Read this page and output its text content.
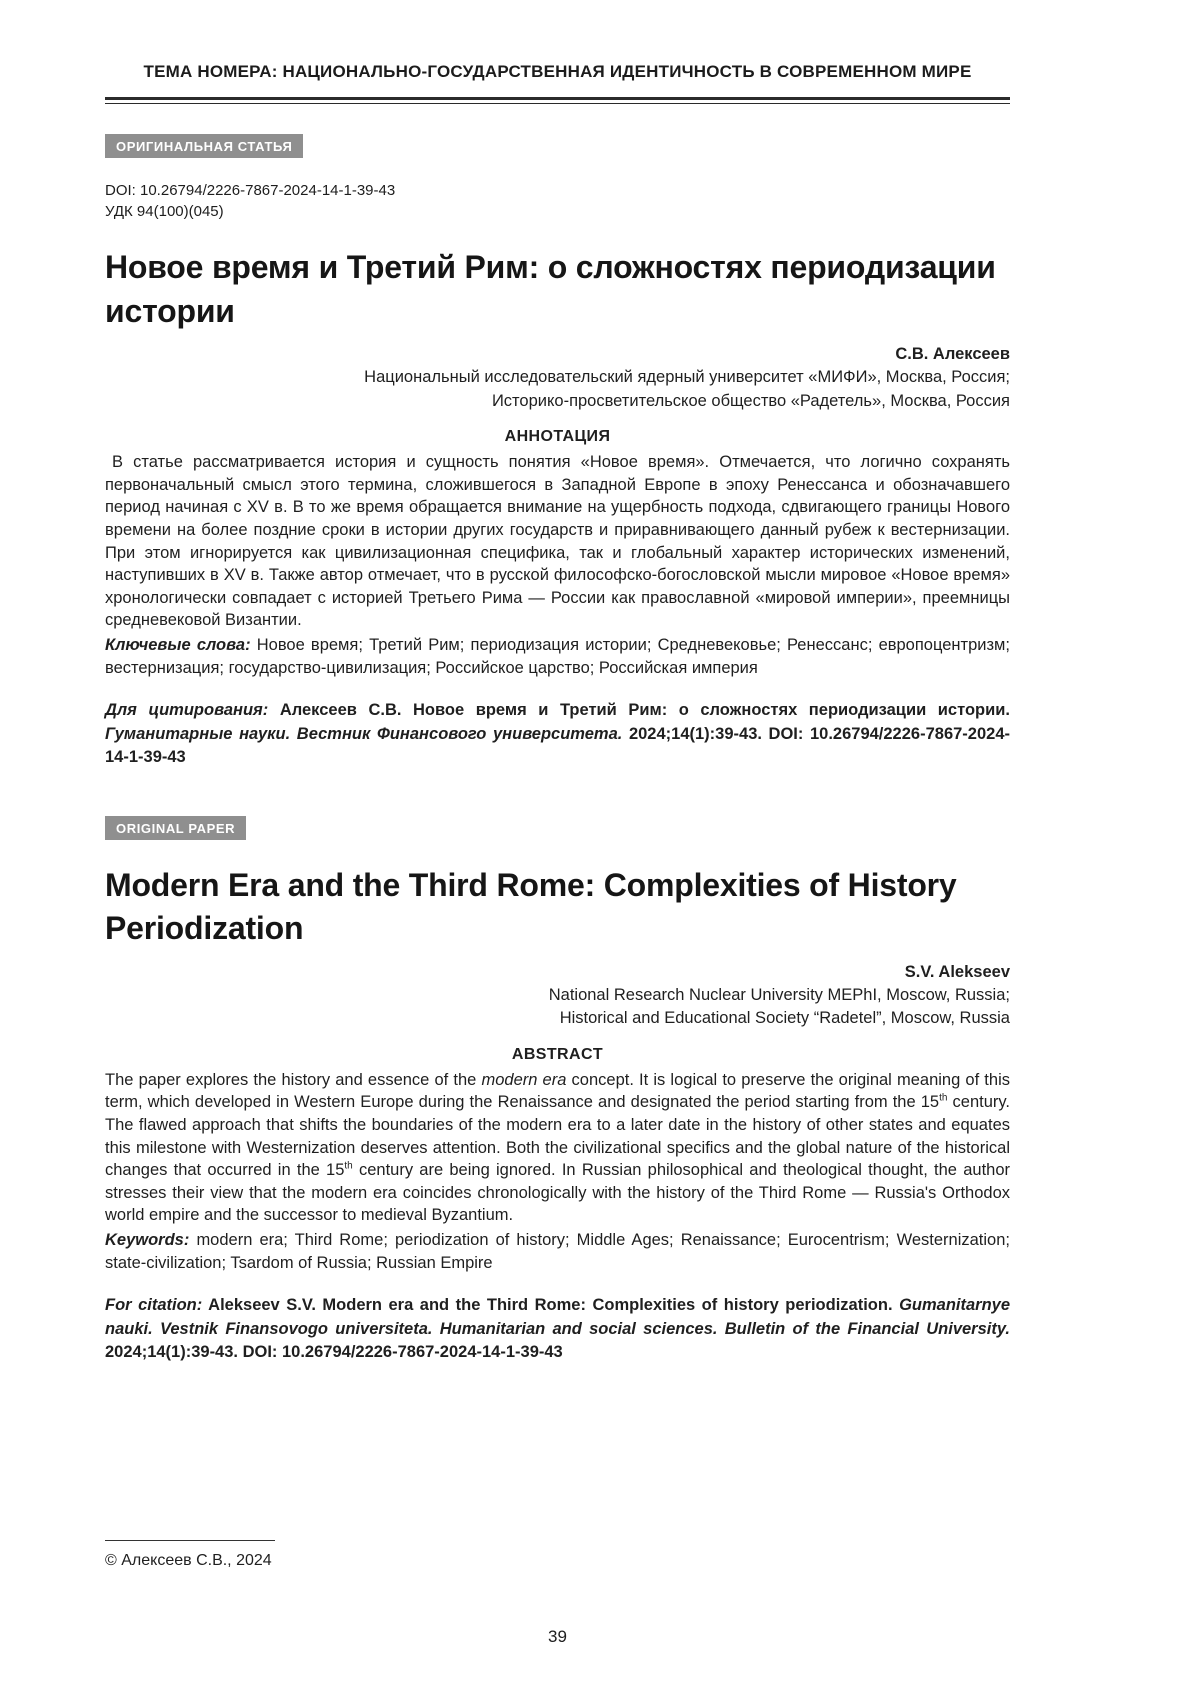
ТЕМА НОМЕРА: НАЦИОНАЛЬНО-ГОСУДАРСТВЕННАЯ ИДЕНТИЧНОСТЬ В СОВРЕМЕННОМ МИРЕ
ОРИГИНАЛЬНАЯ СТАТЬЯ
DOI: 10.26794/2226-7867-2024-14-1-39-43
УДК 94(100)(045)
Новое время и Третий Рим: о сложностях периодизации истории
С.В. Алексеев
Национальный исследовательский ядерный университет «МИФИ», Москва, Россия;
Историко-просветительское общество «Радетель», Москва, Россия
АННОТАЦИЯ

В статье рассматривается история и сущность понятия «Новое время». Отмечается, что логично сохранять первоначальный смысл этого термина, сложившегося в Западной Европе в эпоху Ренессанса и обозначавшего период начиная с XV в. В то же время обращается внимание на ущербность подхода, сдвигающего границы Нового времени на более поздние сроки в истории других государств и приравнивающего данный рубеж к вестернизации. При этом игнорируется как цивилизационная специфика, так и глобальный характер исторических изменений, наступивших в XV в. Также автор отмечает, что в русской философско-богословской мысли мировое «Новое время» хронологически совпадает с историей Третьего Рима — России как православной «мировой империи», преемницы средневековой Византии.

Ключевые слова: Новое время; Третий Рим; периодизация истории; Средневековье; Ренессанс; европоцентризм; вестернизация; государство-цивилизация; Российское царство; Российская империя

Для цитирования: Алексеев С.В. Новое время и Третий Рим: о сложностях периодизации истории. Гуманитарные науки. Вестник Финансового университета. 2024;14(1):39-43. DOI: 10.26794/2226-7867-2024-14-1-39-43

ORIGINAL PAPER
Modern Era and the Third Rome: Complexities of History Periodization
S.V. Alekseev
National Research Nuclear University MEPhI, Moscow, Russia;
Historical and Educational Society “Radetel”, Moscow, Russia
ABSTRACT

The paper explores the history and essence of the modern era concept. It is logical to preserve the original meaning of this term, which developed in Western Europe during the Renaissance and designated the period starting from the 15th century. The flawed approach that shifts the boundaries of the modern era to a later date in the history of other states and equates this milestone with Westernization deserves attention. Both the civilizational specifics and the global nature of the historical changes that occurred in the 15th century are being ignored. In Russian philosophical and theological thought, the author stresses their view that the modern era coincides chronologically with the history of the Third Rome — Russia's Orthodox world empire and the successor to medieval Byzantium.

Keywords: modern era; Third Rome; periodization of history; Middle Ages; Renaissance; Eurocentrism; Westernization; state-civilization; Tsardom of Russia; Russian Empire

For citation: Alekseev S.V. Modern era and the Third Rome: Complexities of history periodization. Gumanitarnye nauki. Vestnik Finansovogo universiteta. Humanitarian and social sciences. Bulletin of the Financial University. 2024;14(1):39-43. DOI: 10.26794/2226-7867-2024-14-1-39-43

© Алексеев С.В., 2024
39
